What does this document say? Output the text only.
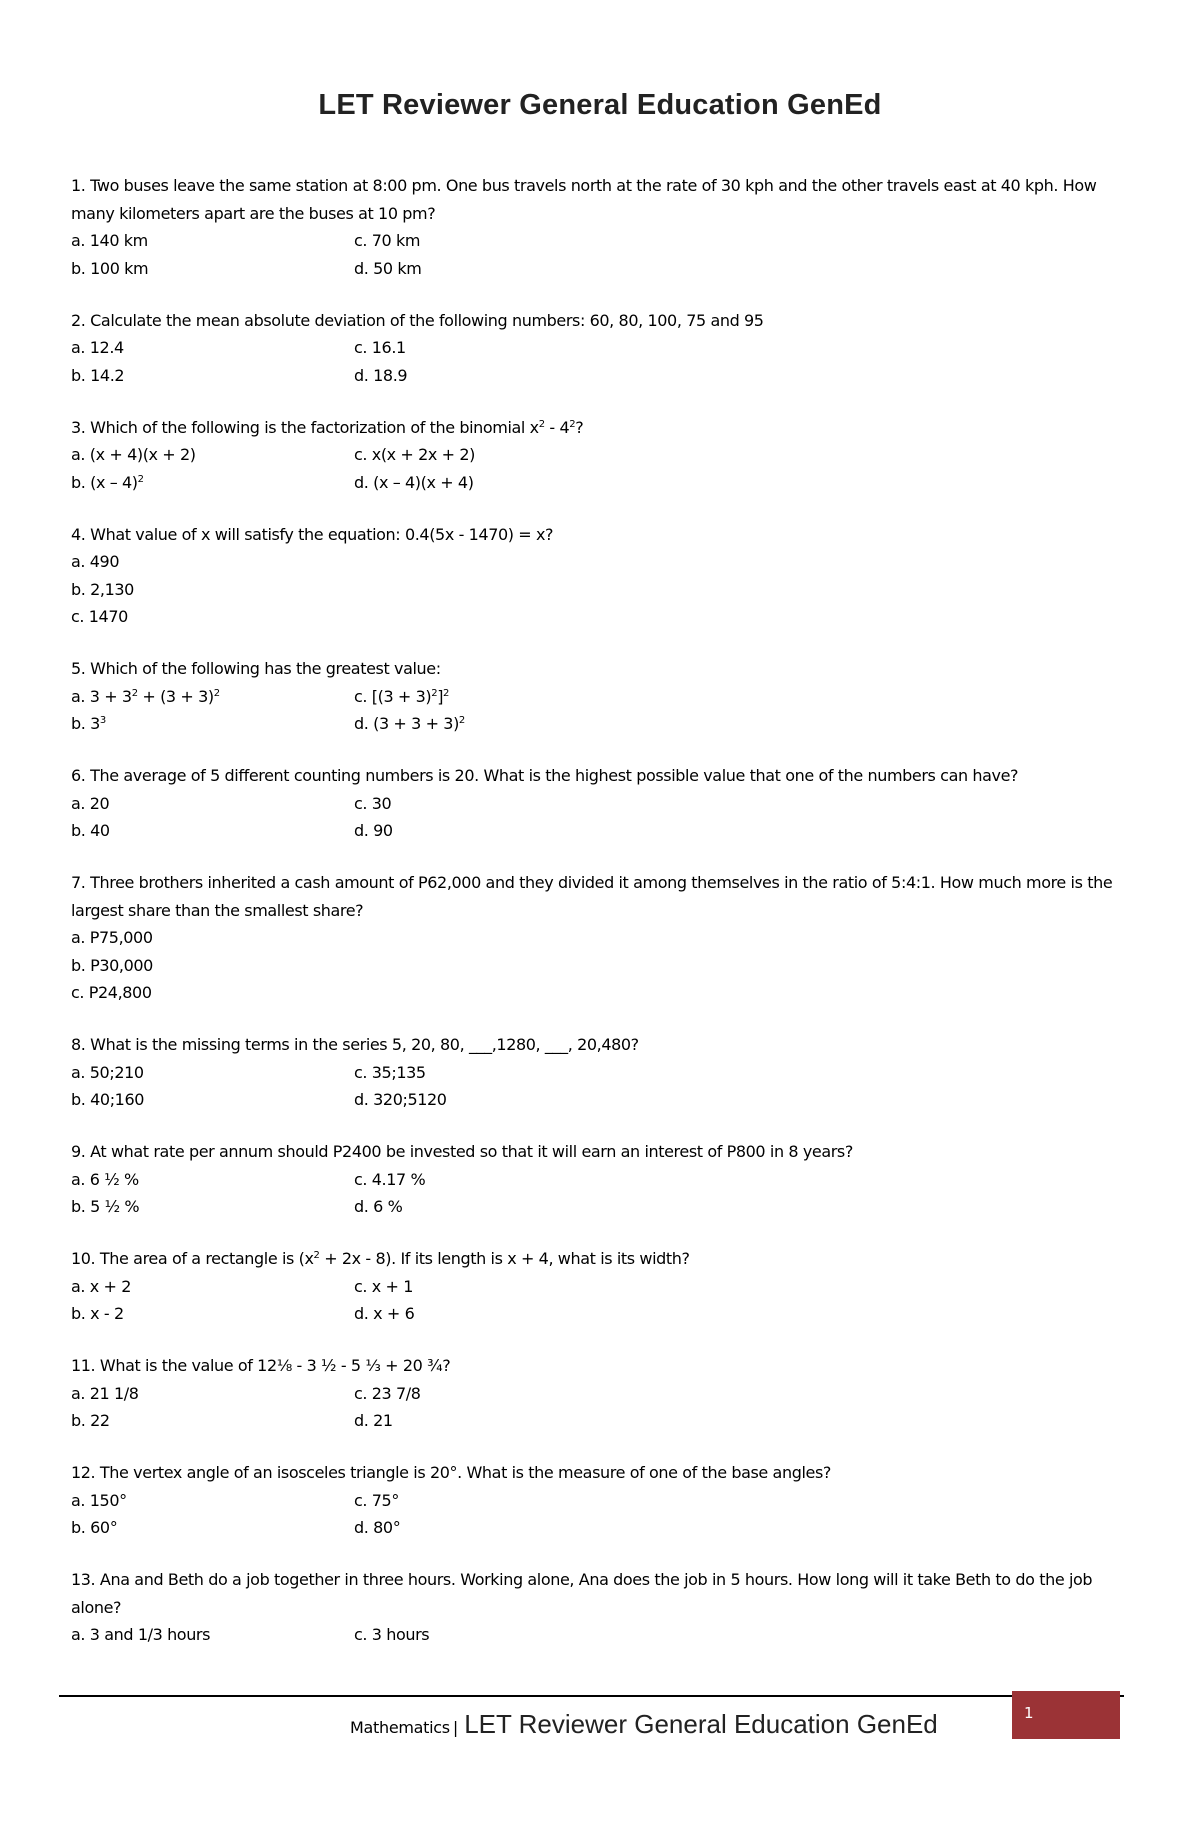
LET Reviewer General Education GenEd

1. Two buses leave the same station at 8:00 pm. One bus travels north at the rate of 30 kph and the other travels east at 40 kph. How many kilometers apart are the buses at 10 pm?

a. 140 km	c. 70 km
b. 100 km	d. 50 km

2. Calculate the mean absolute deviation of the following numbers: 60, 80, 100, 75 and 95

a. 12.4	c. 16.1
b. 14.2	d. 18.9

3. Which of the following is the factorization of the binomial $x^2 - 4^2$?

a. (x + 4)(x + 2)	c. x(x + 2x + 2)
b. (x – 4)$^2$	d. (x – 4)(x + 4)

4. What value of x will satisfy the equation: 0.4(5x - 1470) = x?

a. 490
b. 2,130
c. 1470

5. Which of the following has the greatest value:

a. $3 + 3^2 + (3 + 3)^2$	c. $[(3 + 3)^2]^2$
b. $3^3$	d. $(3 + 3 + 3)^2$

6. The average of 5 different counting numbers is 20. What is the highest possible value that one of the numbers can have?

a. 20	c. 30
b. 40	d. 90

7. Three brothers inherited a cash amount of P62,000 and they divided it among themselves in the ratio of 5:4:1. How much more is the largest share than the smallest share?

a. P75,000
b. P30,000
c. P24,800

8. What is the missing terms in the series 5, 20, 80, ___,1280, ___, 20,480?

a. 50;210	c. 35;135
b. 40;160	d. 320;5120

9. At what rate per annum should P2400 be invested so that it will earn an interest of P800 in 8 years?

a. 6 ½ %	c. 4.17 %
b. 5 ½ %	d. 6 %

10. The area of a rectangle is $(x^2 + 2x - 8)$. If its length is x + 4, what is its width?

a. x + 2	c. x + 1
b. x - 2	d. x + 6

11. What is the value of 12⅛ - 3 ½ - 5 ⅓ + 20 ¾?

a. 21 1/8	c. 23 7/8
b. 22	d. 21

12. The vertex angle of an isosceles triangle is 20°. What is the measure of one of the base angles?

a. 150°	c. 75°
b. 60°	d. 80°

13. Ana and Beth do a job together in three hours. Working alone, Ana does the job in 5 hours. How long will it take Beth to do the job alone?

a. 3 and 1/3 hours	c. 3 hours
Mathematics | LET Reviewer General Education GenEd	1
